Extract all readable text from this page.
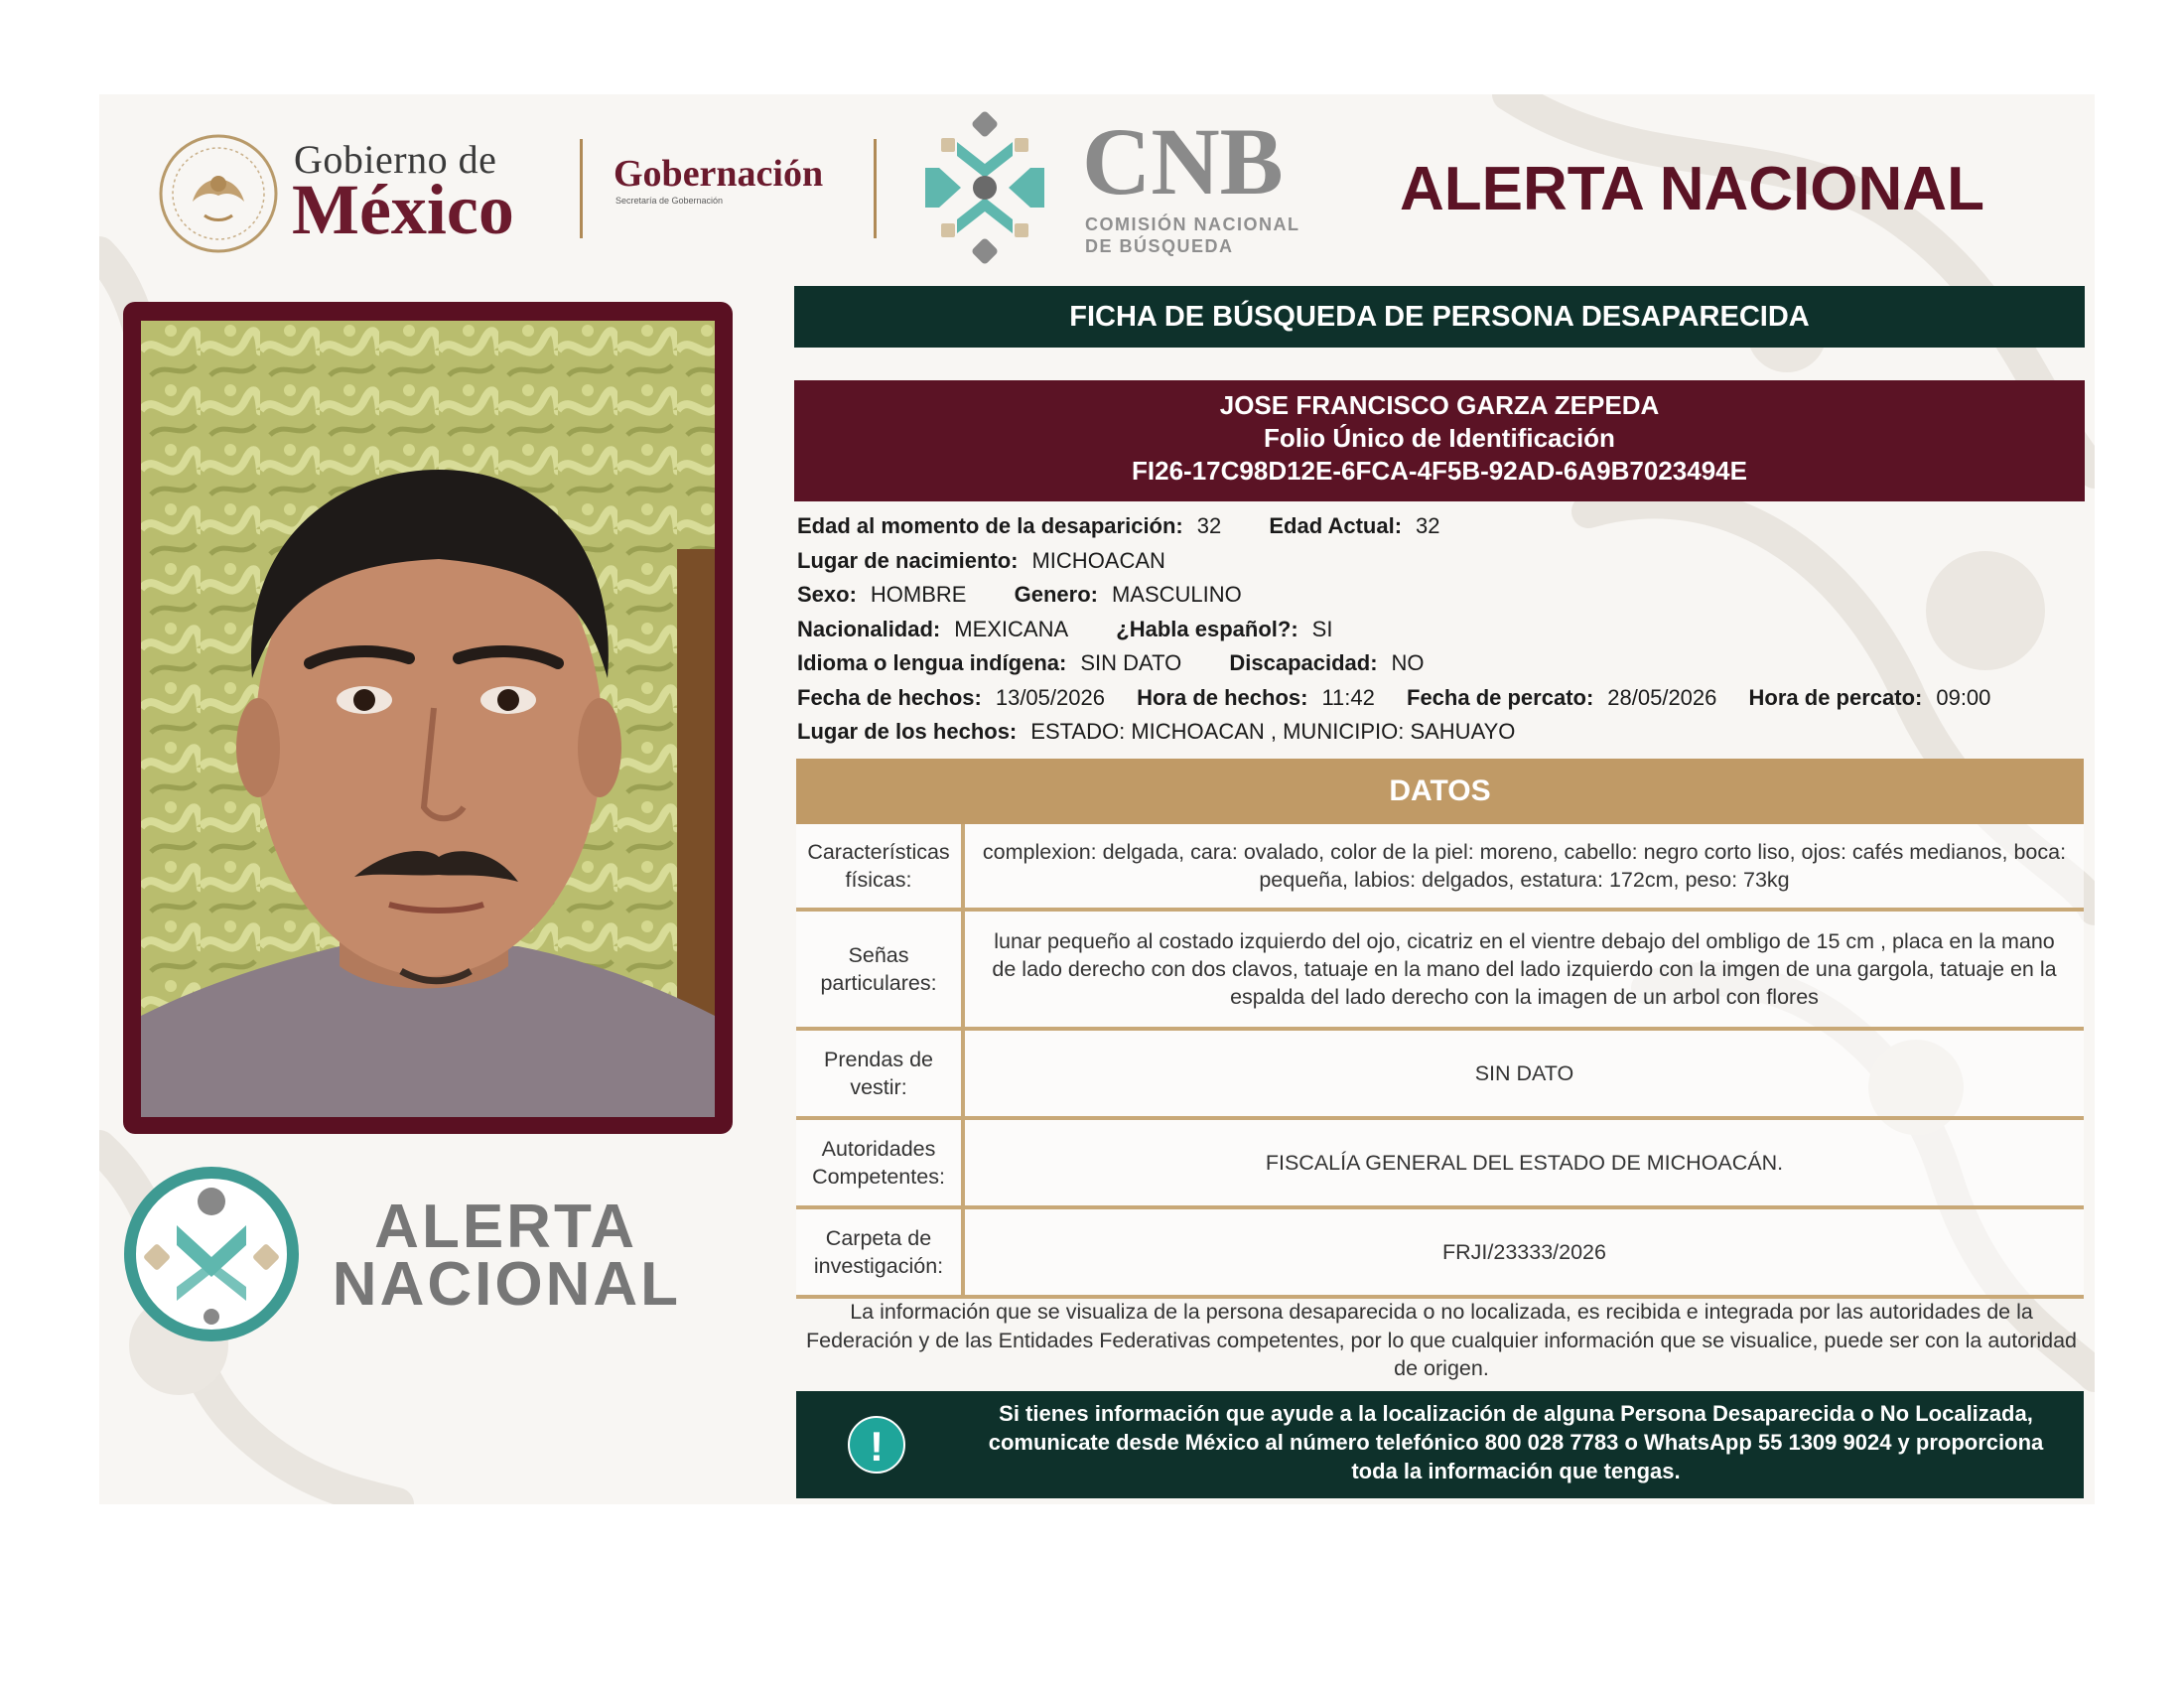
Gobierno de
México	Gobernación
Secretaría de Gobernación	CNB
COMISIÓN NACIONAL
DE BÚSQUEDA
ALERTA NACIONAL
ALERTA
NACIONAL
FICHA DE BÚSQUEDA DE PERSONA DESAPARECIDA
JOSE FRANCISCO GARZA ZEPEDA
Folio Único de Identificación
FI26-17C98D12E-6FCA-4F5B-92AD-6A9B7023494E
Edad al momento de la desaparición: 32 Edad Actual: 32
Lugar de nacimiento: MICHOACAN
Sexo: HOMBRE Genero: MASCULINO
Nacionalidad: MEXICANA ¿Habla español?: SI
Idioma o lengua indígena: SIN DATO Discapacidad: NO
Fecha de hechos: 13/05/2026 Hora de hechos: 11:42 Fecha de percato: 28/05/2026 Hora de percato: 09:00
Lugar de los hechos: ESTADO: MICHOACAN , MUNICIPIO: SAHUAYO
DATOS
Características físicas:
complexion: delgada, cara: ovalado, color de la piel: moreno, cabello: negro corto liso, ojos: cafés medianos, boca: pequeña, labios: delgados, estatura: 172cm, peso: 73kg
Señas particulares:
lunar pequeño al costado izquierdo del ojo, cicatriz en el vientre debajo del ombligo de 15 cm , placa en la mano de lado derecho con dos clavos, tatuaje en la mano del lado izquierdo con la imgen de una gargola, tatuaje en la espalda del lado derecho con la imagen de un arbol con flores
Prendas de vestir:
SIN DATO
Autoridades Competentes:
FISCALÍA GENERAL DEL ESTADO DE MICHOACÁN.
Carpeta de investigación:
FRJI/23333/2026
La información que se visualiza de la persona desaparecida o no localizada, es recibida e integrada por las autoridades de la Federación y de las Entidades Federativas competentes, por lo que cualquier información que se visualice, puede ser con la autoridad de origen.
!
Si tienes información que ayude a la localización de alguna Persona Desaparecida o No Localizada, comunicate desde México al número telefónico 800 028 7783 o WhatsApp 55 1309 9024 y proporciona toda la información que tengas.
